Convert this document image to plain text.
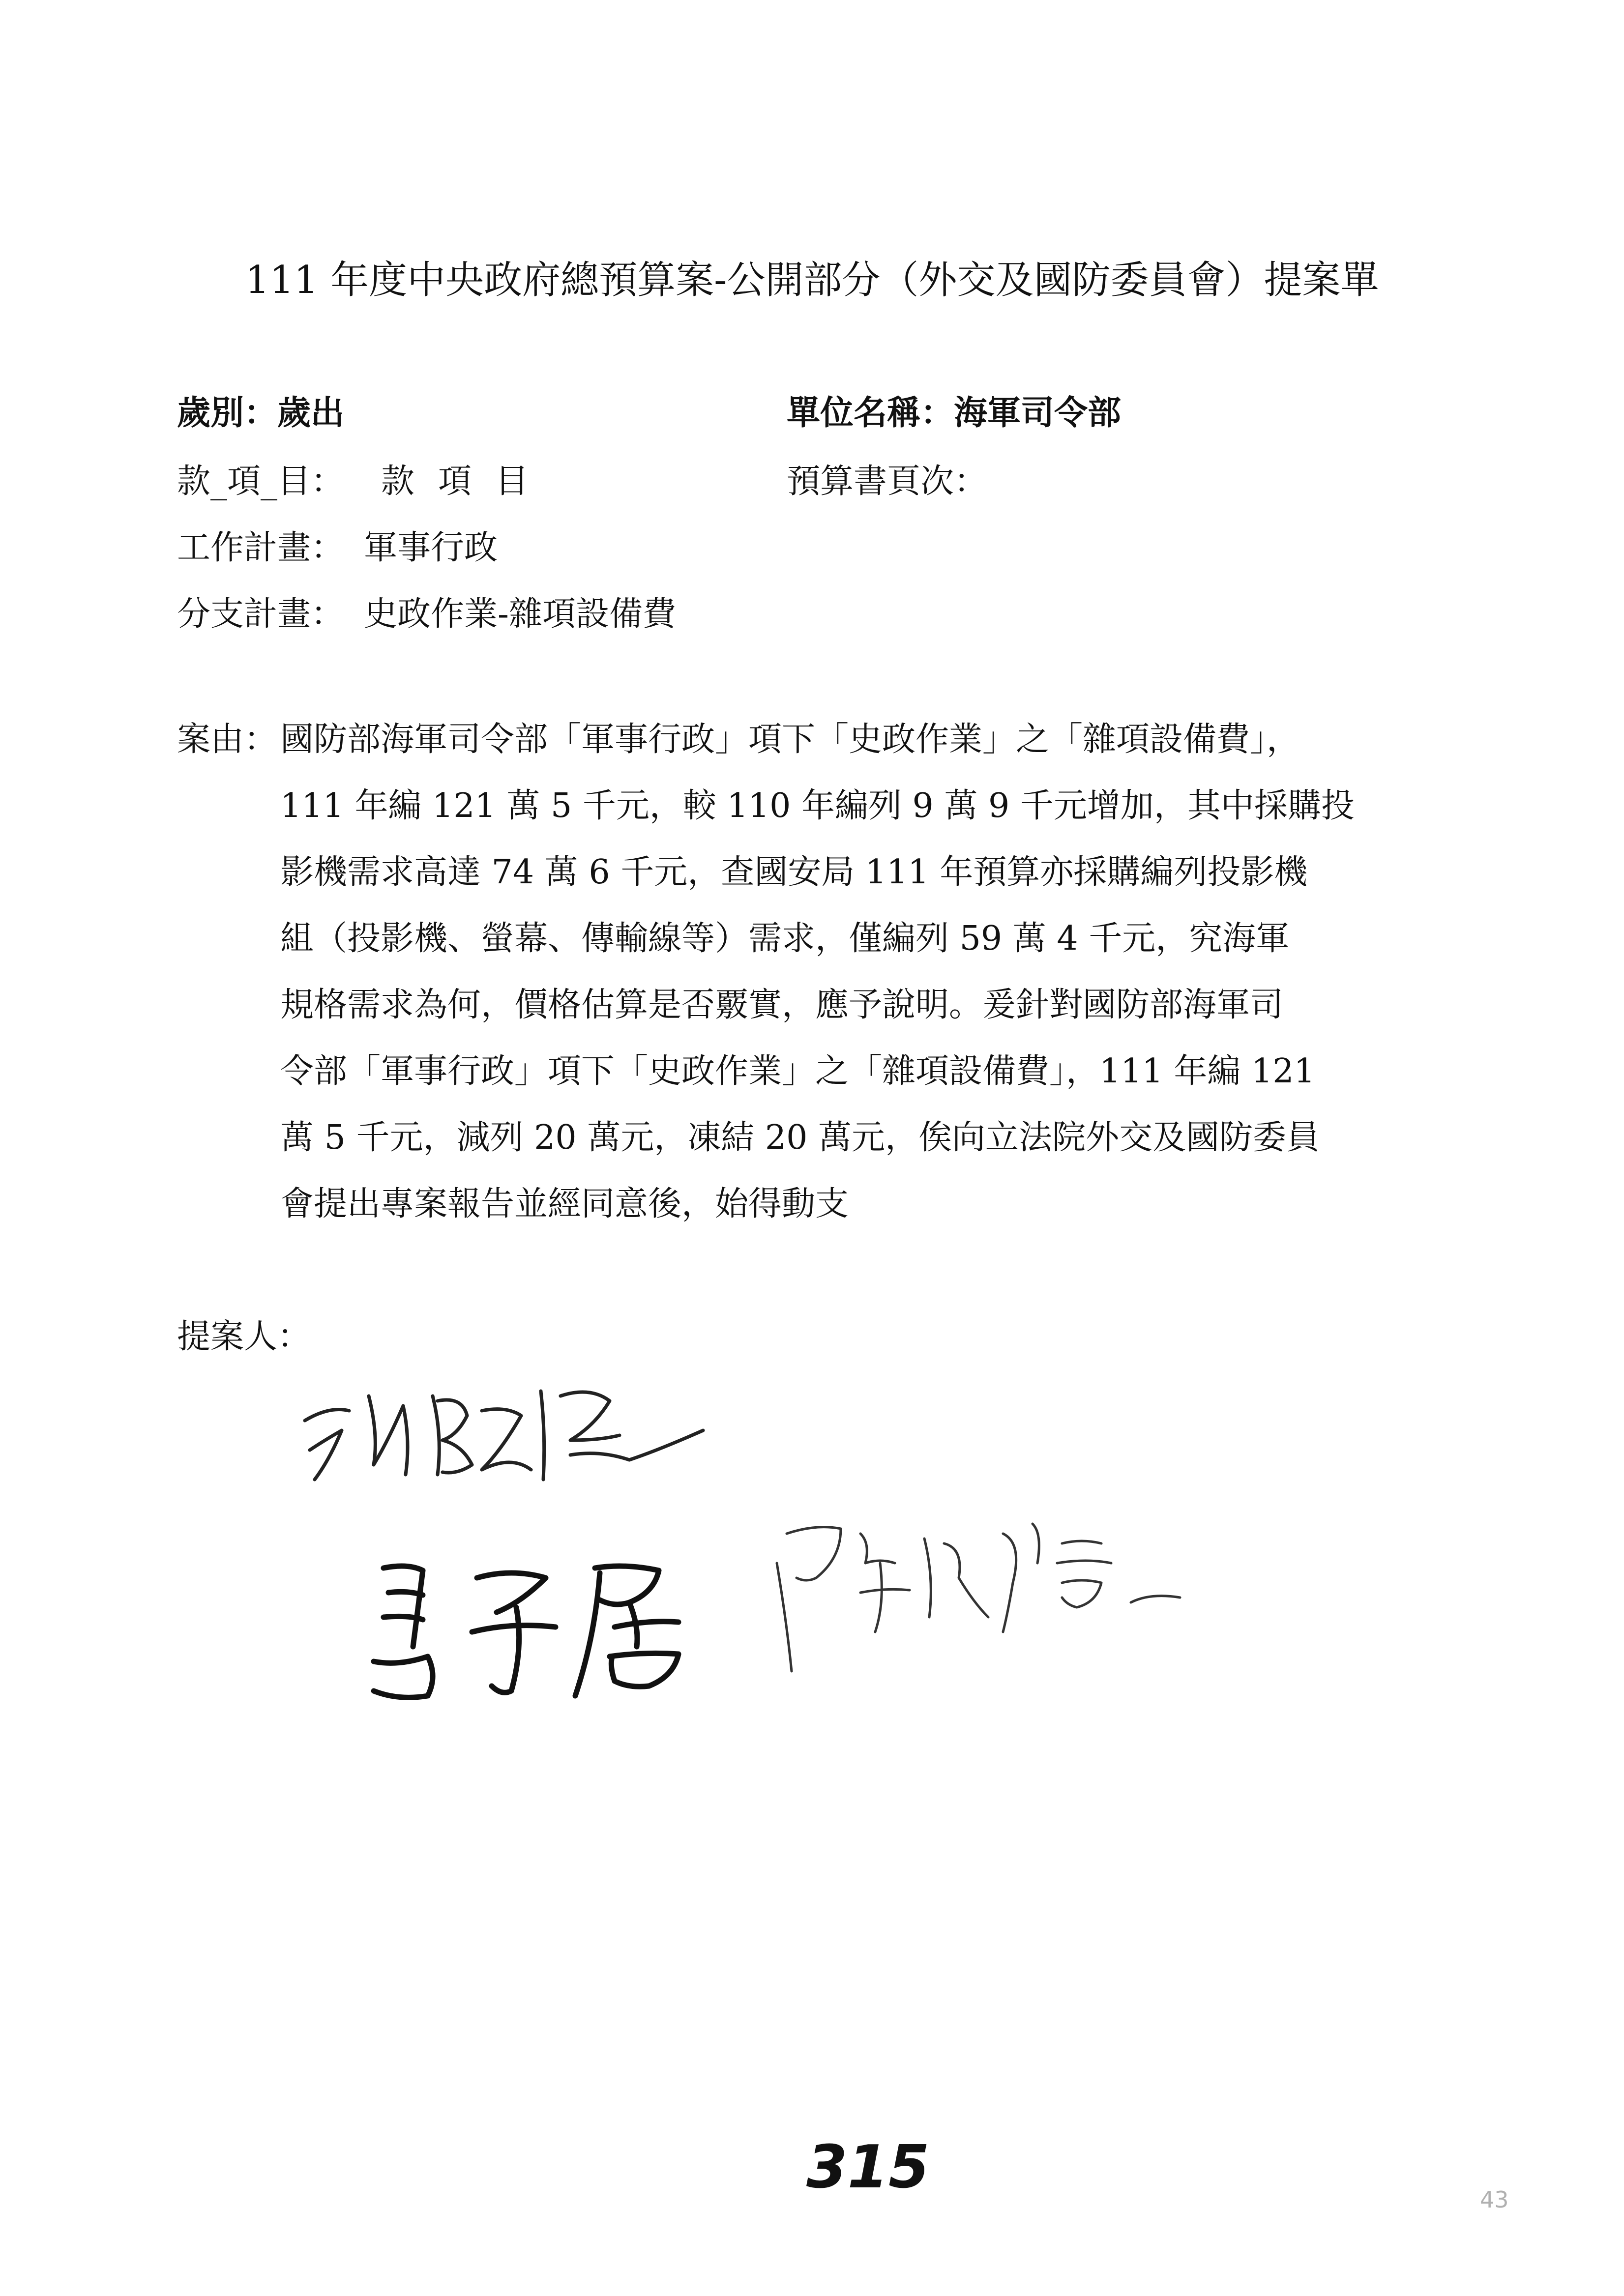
111 年度中央政府總預算案-公開部分（外交及國防委員會）提案單
歲別：歲出	單位名稱：海軍司令部
款_項_目： 款項目	預算書頁次：
工作計畫： 軍事行政
分支計畫： 史政作業-雜項設備費
案由： 國防部海軍司令部「軍事行政」項下「史政作業」之「雜項設備費」，
111 年編 121 萬 5 千元，較 110 年編列 9 萬 9 千元增加，其中採購投
影機需求高達 74 萬 6 千元，查國安局 111 年預算亦採購編列投影機
組（投影機、螢幕、傳輸線等）需求，僅編列 59 萬 4 千元，究海軍
規格需求為何，價格估算是否覈實，應予說明。爰針對國防部海軍司
令部「軍事行政」項下「史政作業」之「雜項設備費」，111 年編 121
萬 5 千元，減列 20 萬元，凍結 20 萬元，俟向立法院外交及國防委員
會提出專案報告並經同意後，始得動支
提案人：
315	43
